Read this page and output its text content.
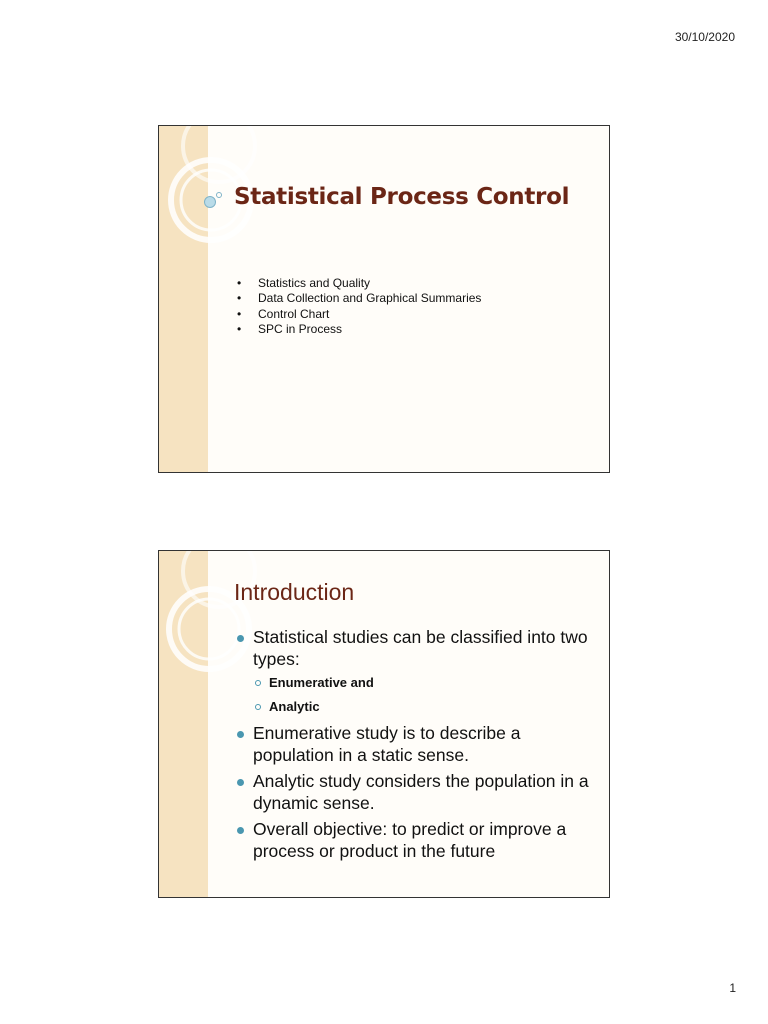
30/10/2020
Statistical Process Control
• Statistics and Quality
• Data Collection and Graphical Summaries
• Control Chart
• SPC in Process
Introduction
Statistical studies can be classified into two types:
Enumerative and
Analytic
Enumerative study is to describe a population in a static sense.
Analytic study considers the population in a dynamic sense.
Overall objective: to predict or improve a process or product in the future
1
